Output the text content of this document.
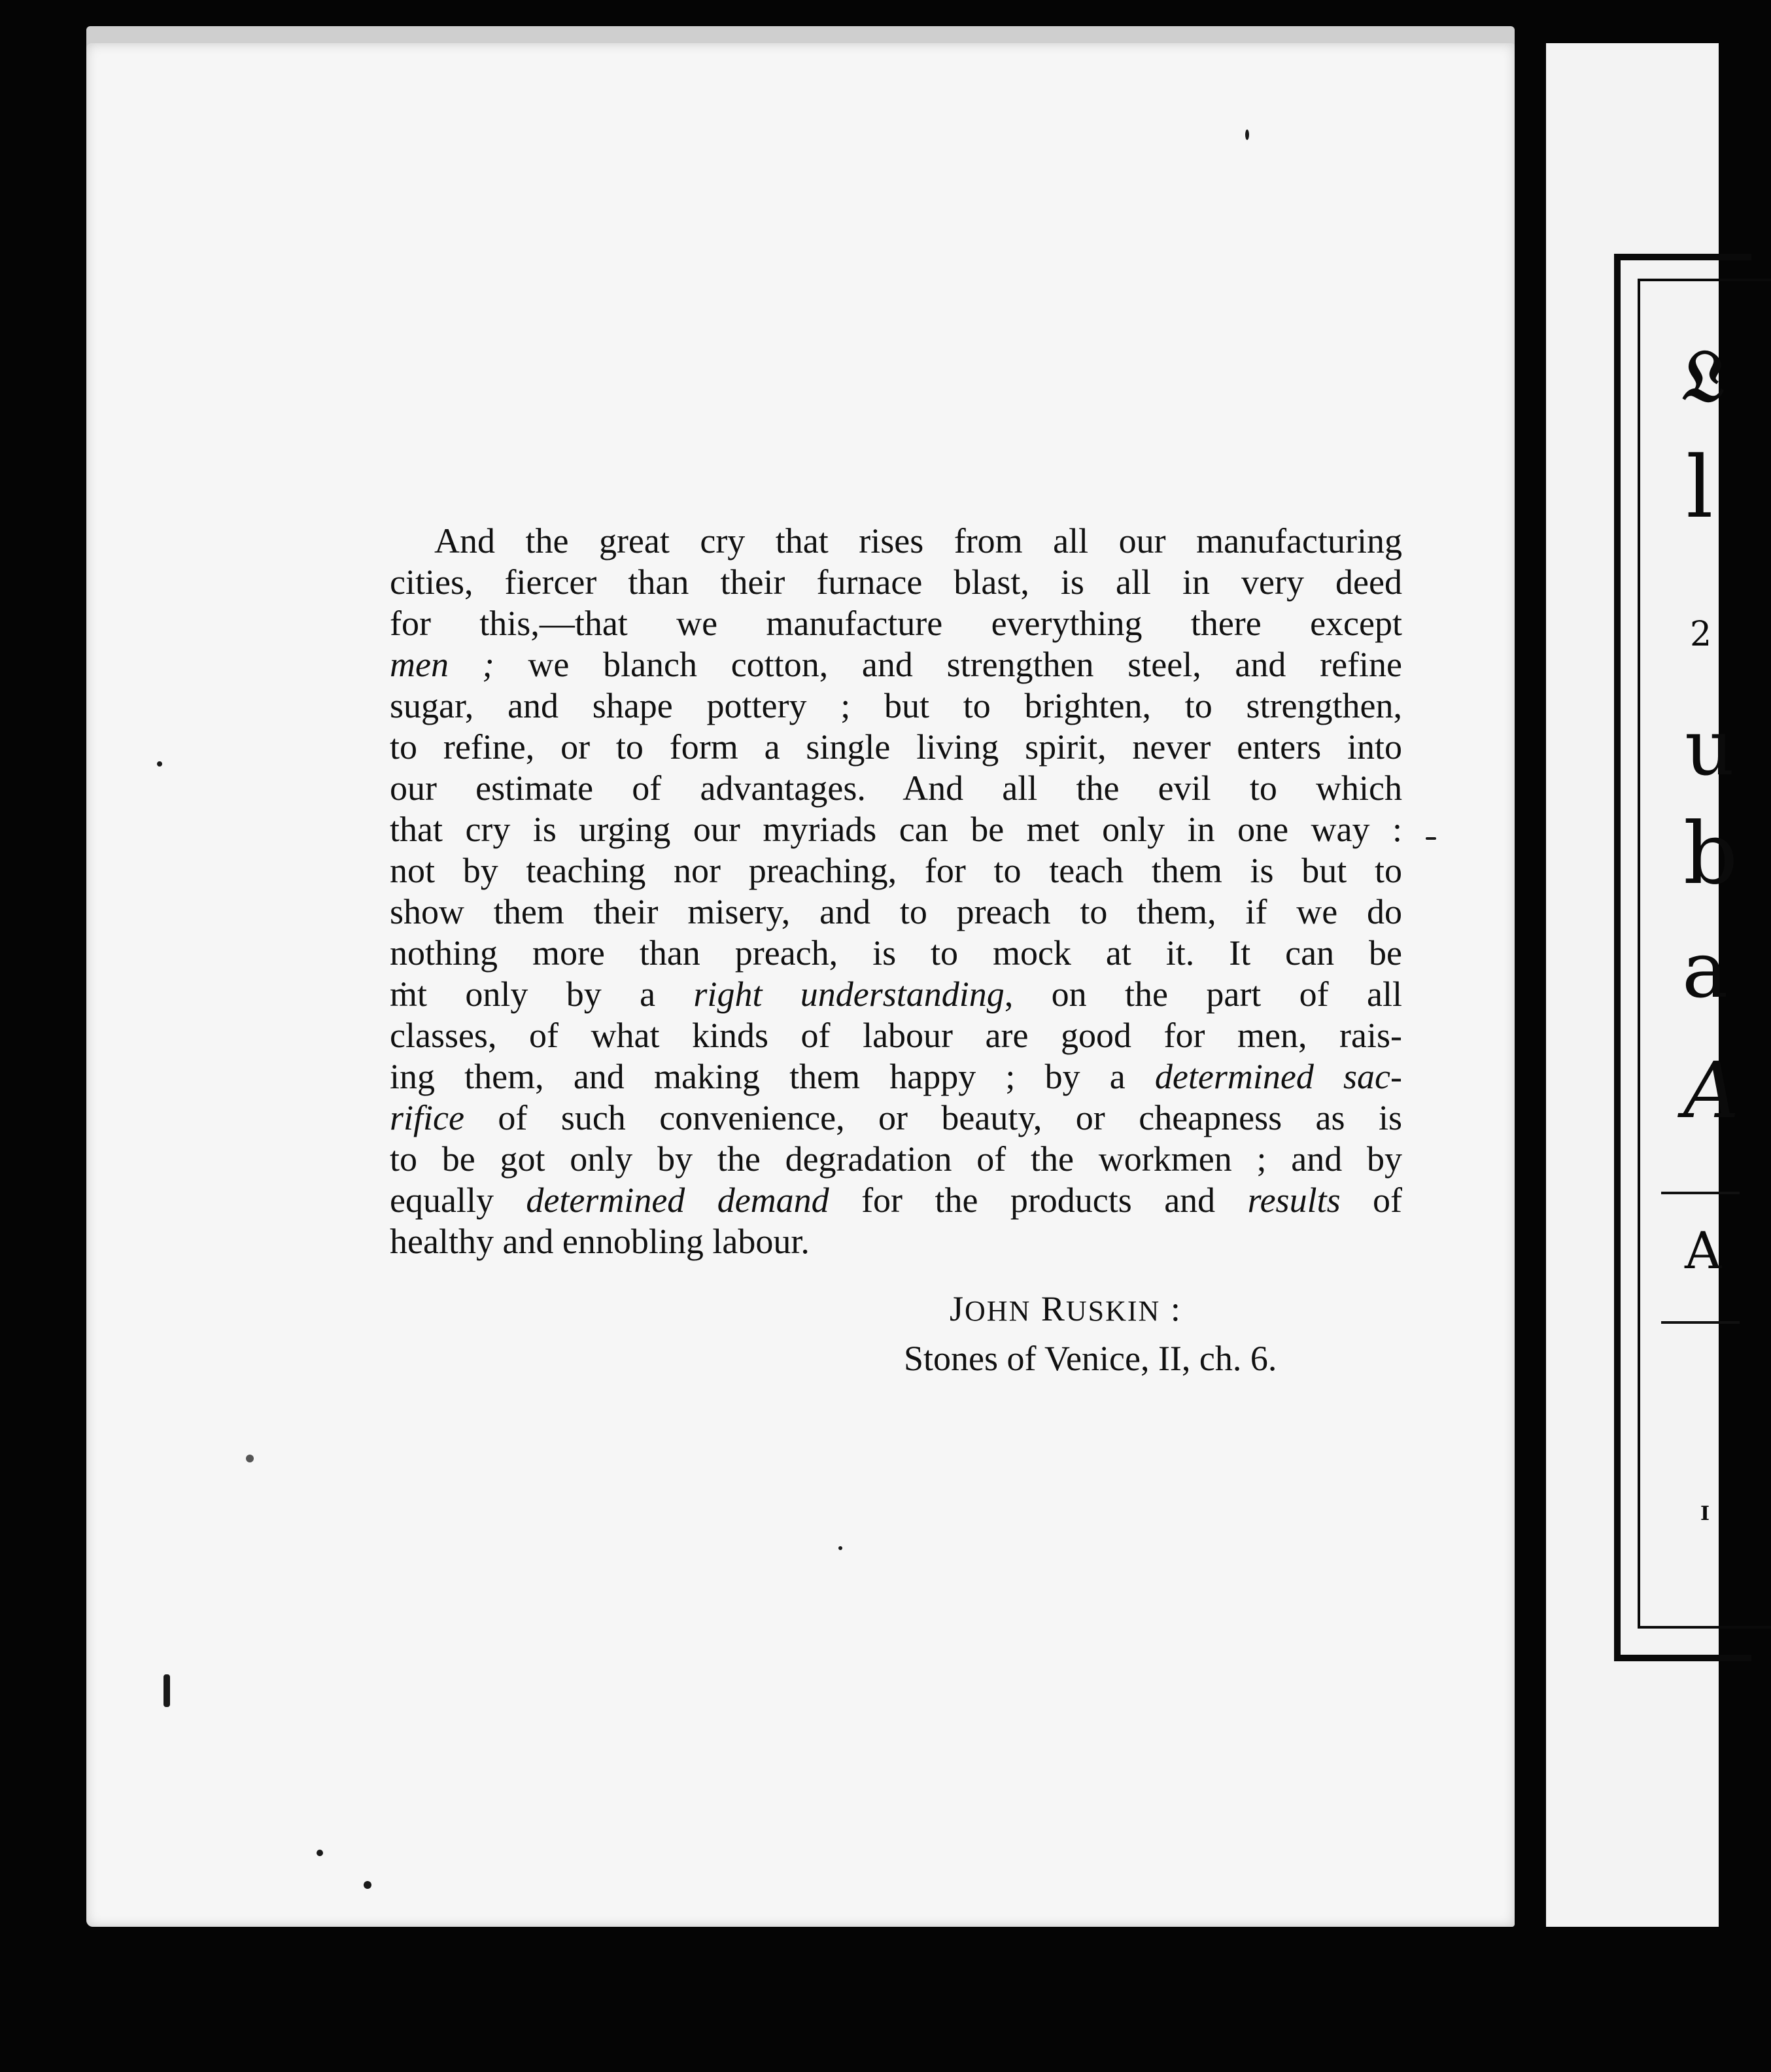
𝔏
l
2
u
b
a
A
A
I
And the great cry that rises from all our manufacturing
cities, fiercer than their furnace blast, is all in very deed
for this,—that we manufacture everything there except
men ; we blanch cotton, and strengthen steel, and refine
sugar, and shape pottery ; but to brighten, to strengthen,
to refine, or to form a single living spirit, never enters into
our estimate of advantages. And all the evil to which
that cry is urging our myriads can be met only in one way :
not by teaching nor preaching, for to teach them is but to
show them their misery, and to preach to them, if we do
nothing more than preach, is to mock at it. It can be
ṁt only by a right understanding, on the part of all
classes, of what kinds of labour are good for men, rais-
ing them, and making them happy ; by a determined sac-
rifice of such convenience, or beauty, or cheapness as is
to be got only by the degradation of the workmen ; and by
equally determined demand for the products and results of
healthy and ennobling labour.
JOHN RUSKIN :
Stones of Venice, II, ch. 6.
